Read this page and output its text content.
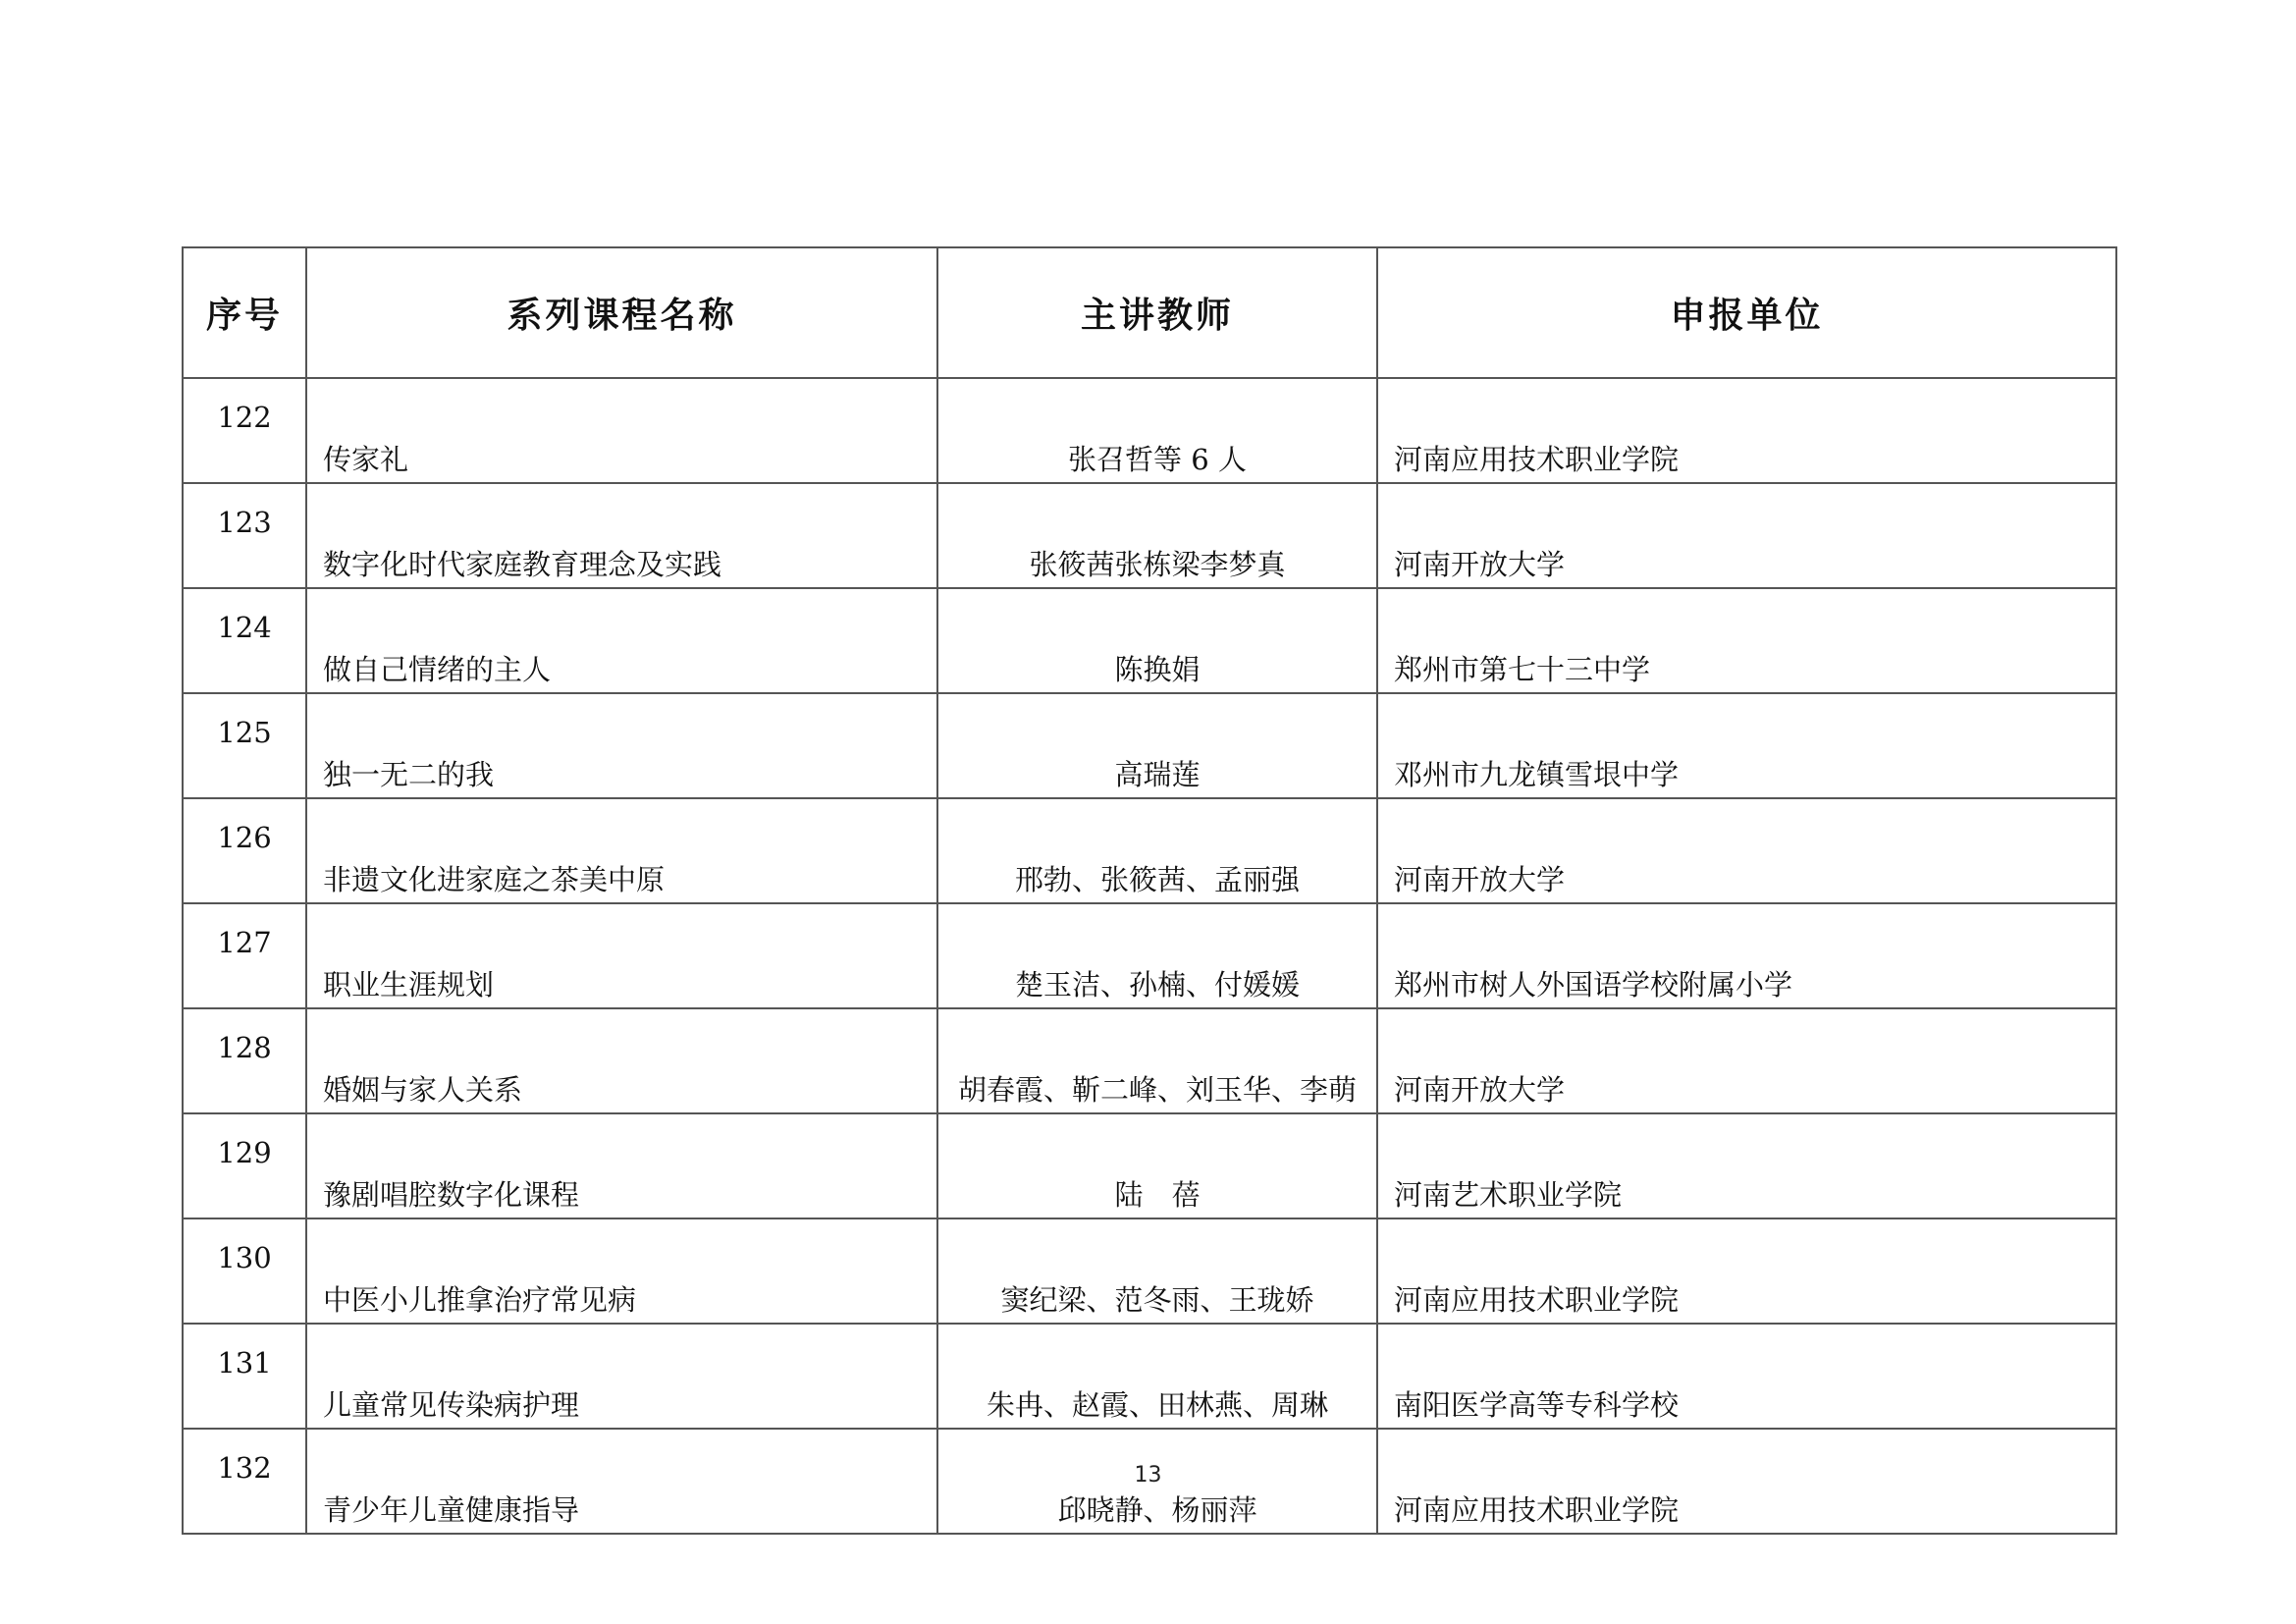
序号	系列课程名称	主讲教师	申报单位
122	传家礼	张召哲等 6 人	河南应用技术职业学院
123	数字化时代家庭教育理念及实践	张筱茜张栋梁李梦真	河南开放大学
124	做自己情绪的主人	陈换娟	郑州市第七十三中学
125	独一无二的我	高瑞莲	邓州市九龙镇雪垠中学
126	非遗文化进家庭之茶美中原	邢勃、张筱茜、孟丽强	河南开放大学
127	职业生涯规划	楚玉洁、孙楠、付媛媛	郑州市树人外国语学校附属小学
128	婚姻与家人关系	胡春霞、靳二峰、刘玉华、李萌	河南开放大学
129	豫剧唱腔数字化课程	陆　蓓	河南艺术职业学院
130	中医小儿推拿治疗常见病	窦纪梁、范冬雨、王珑娇	河南应用技术职业学院
131	儿童常见传染病护理	朱冉、赵霞、田林燕、周琳	南阳医学高等专科学校
132	青少年儿童健康指导	邱晓静、杨丽萍	河南应用技术职业学院
13
